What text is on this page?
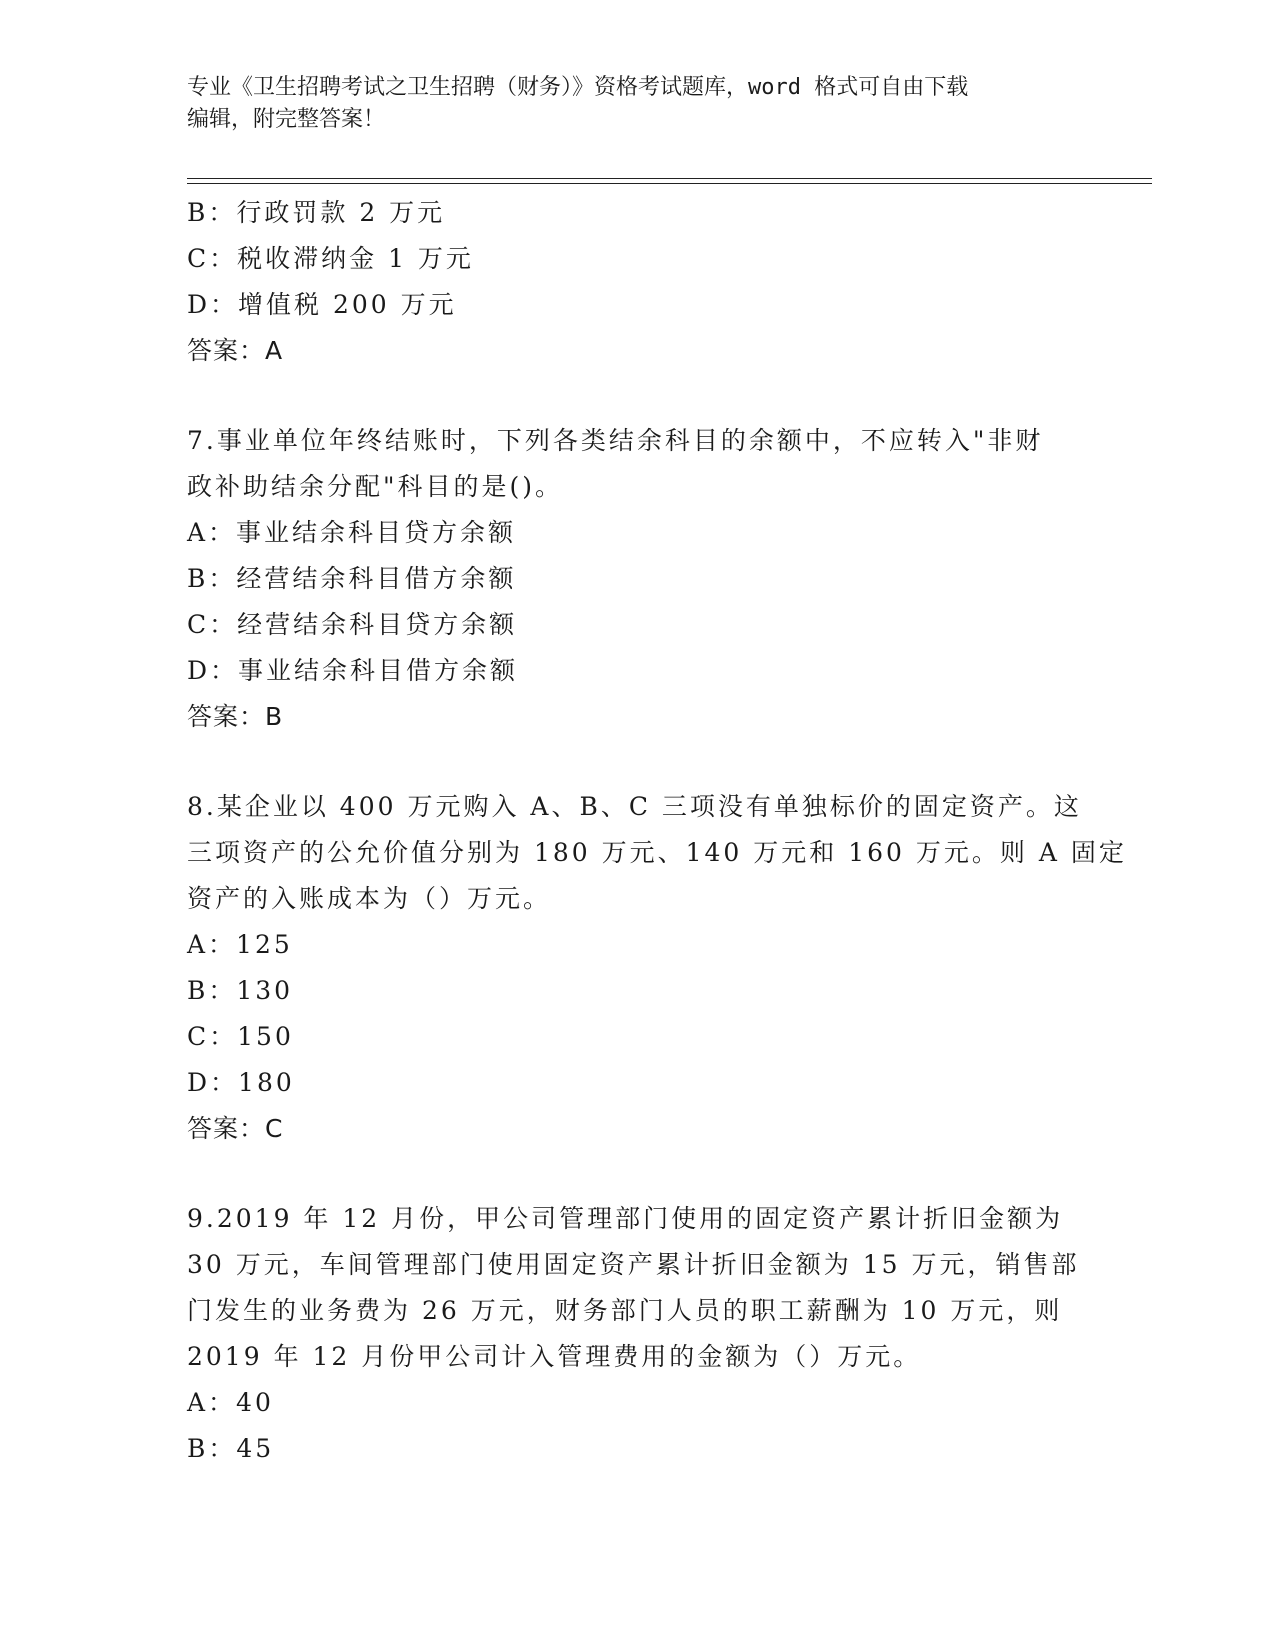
专业《卫生招聘考试之卫生招聘（财务）》资格考试题库，word 格式可自由下载
编辑，附完整答案！
B：行政罚款 2 万元
C：税收滞纳金 1 万元
D：增值税 200 万元
答案：A
7.事业单位年终结账时，下列各类结余科目的余额中，不应转入"非财
政补助结余分配"科目的是()。
A：事业结余科目贷方余额
B：经营结余科目借方余额
C：经营结余科目贷方余额
D：事业结余科目借方余额
答案：B
8.某企业以 400 万元购入 A、B、C 三项没有单独标价的固定资产。这
三项资产的公允价值分别为 180 万元、140 万元和 160 万元。则 A 固定
资产的入账成本为（）万元。
A：125
B：130
C：150
D：180
答案：C
9.2019 年 12 月份，甲公司管理部门使用的固定资产累计折旧金额为
30 万元，车间管理部门使用固定资产累计折旧金额为 15 万元，销售部
门发生的业务费为 26 万元，财务部门人员的职工薪酬为 10 万元，则
2019 年 12 月份甲公司计入管理费用的金额为（）万元。
A：40
B：45
